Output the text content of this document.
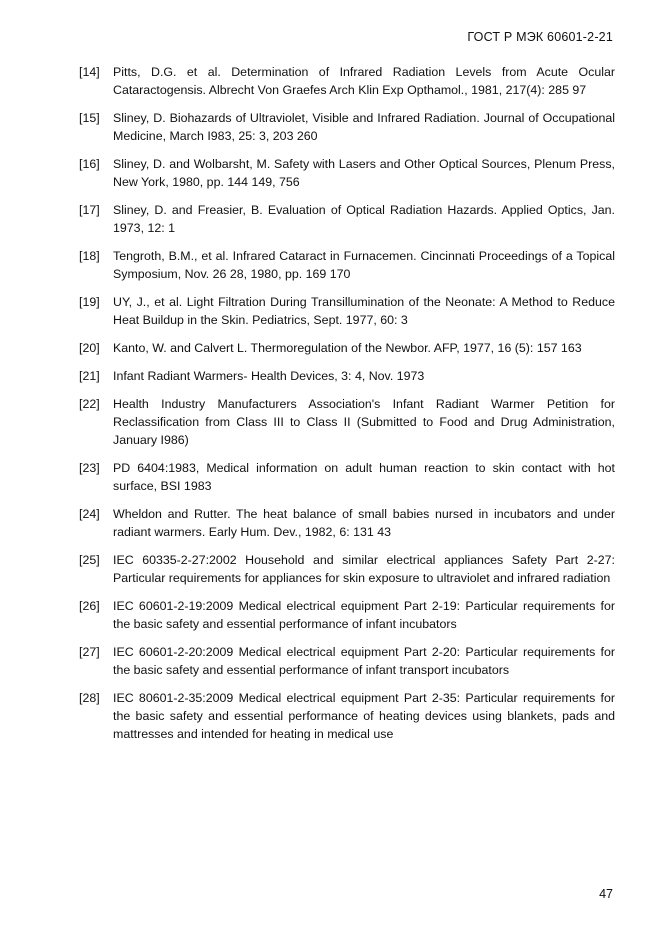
ГОСТ Р МЭК 60601-2-21
[14]	Pitts, D.G. et al. Determination of Infrared Radiation Levels from Acute Ocular Cataractogensis. Albrecht Von Graefes Arch Klin Exp Opthamol., 1981, 217(4): 285 97
[15]	Sliney, D. Biohazards of Ultraviolet, Visible and Infrared Radiation. Journal of Occupational Medicine, March I983, 25: 3, 203 260
[16]	Sliney, D. and Wolbarsht, M. Safety with Lasers and Other Optical Sources, Plenum Press, New York, 1980, pp. 144 149, 756
[17]	Sliney, D. and Freasier, B. Evaluation of Optical Radiation Hazards. Applied Optics, Jan. 1973, 12: 1
[18]	Tengroth, B.M., et al. Infrared Cataract in Furnacemen. Cincinnati Proceedings of a Topical Symposium, Nov. 26 28, 1980, pp. 169 170
[19]	UY, J., et al. Light Filtration During Transillumination of the Neonate: A Method to Reduce Heat Buildup in the Skin. Pediatrics, Sept. 1977, 60: 3
[20]	Kanto, W. and Calvert L. Thermoregulation of the Newbor. AFP, 1977, 16 (5): 157 163
[21]	Infant Radiant Warmers- Health Devices, 3: 4, Nov. 1973
[22]	Health Industry Manufacturers Association's Infant Radiant Warmer Petition for Reclassification from Class III to Class II (Submitted to Food and Drug Administration, January I986)
[23]	PD 6404:1983, Medical information on adult human reaction to skin contact with hot surface, BSI 1983
[24]	Wheldon and Rutter. The heat balance of small babies nursed in incubators and under radiant warmers. Early Hum. Dev., 1982, 6: 131 43
[25]	IEC 60335-2-27:2002 Household and similar electrical appliances Safety Part 2-27: Particular requirements for appliances for skin exposure to ultraviolet and infrared radiation
[26]	IEC 60601-2-19:2009 Medical electrical equipment Part 2-19: Particular requirements for the basic safety and essential performance of infant incubators
[27]	IEC 60601-2-20:2009 Medical electrical equipment Part 2-20: Particular requirements for the basic safety and essential performance of infant transport incubators
[28]	IEC 80601-2-35:2009 Medical electrical equipment Part 2-35: Particular requirements for the basic safety and essential performance of heating devices using blankets, pads and mattresses and intended for heating in medical use
47
